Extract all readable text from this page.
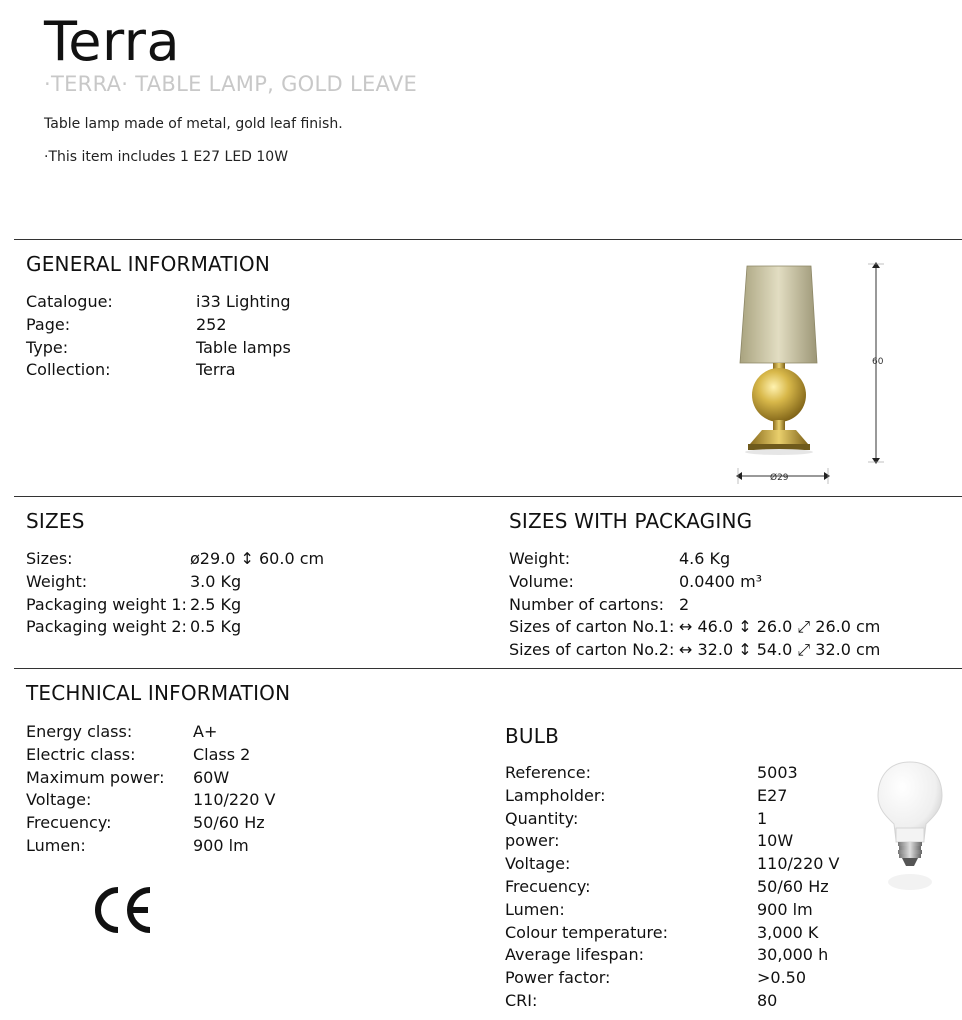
Terra
·TERRA· TABLE LAMP, GOLD LEAVE
Table lamp made of metal, gold leaf finish.
·This item includes 1 E27 LED 10W
GENERAL INFORMATION
Catalogue:	i33 Lighting
Page:	252
Type:	Table lamps
Collection:	Terra	60
Ø29
SIZES
Sizes:	ø29.0 ↕ 60.0 cm
Weight:	3.0 Kg
Packaging weight 1: 2.5 Kg
Packaging weight 2: 0.5 Kg
SIZES WITH PACKAGING
Weight:	4.6 Kg
Volume:	0.0400 m³
Number of cartons: 2
Sizes of carton No.1: ↔ 46.0 ↕ 26.0 ⤢ 26.0 cm
Sizes of carton No.2: ↔ 32.0 ↕ 54.0 ⤢ 32.0 cm
TECHNICAL INFORMATION
Energy class:	A+
Electric class:	Class 2
Maximum power:	60W
Voltage:	110/220 V
Frecuency:	50/60 Hz
Lumen:	900 lm
BULB
Reference:	5003
Lampholder:	E27
Quantity:	1
power:	10W
Voltage:	110/220 V
Frecuency:	50/60 Hz
Lumen:	900 lm
Colour temperature:	3,000 K
Average lifespan:	30,000 h
Power factor:	>0.50
CRI:	80
